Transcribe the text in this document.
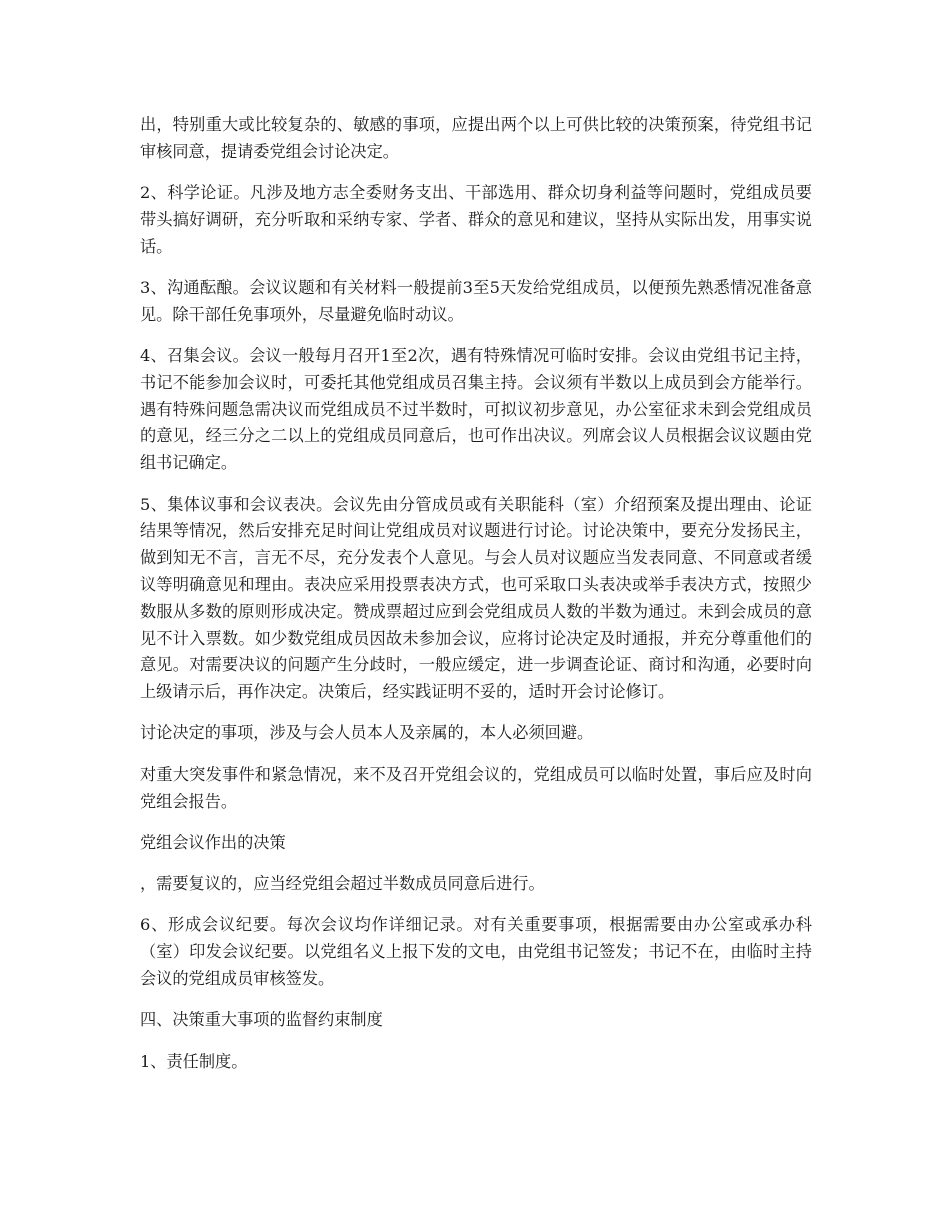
出，特别重大或比较复杂的、敏感的事项，应提出两个以上可供比较的决策预案，待党组书记审核同意，提请委党组会讨论决定。

2、科学论证。凡涉及地方志全委财务支出、干部选用、群众切身利益等问题时，党组成员要带头搞好调研，充分听取和采纳专家、学者、群众的意见和建议，坚持从实际出发，用事实说话。

3、沟通酝酿。会议议题和有关材料一般提前3至5天发给党组成员，以便预先熟悉情况准备意见。除干部任免事项外，尽量避免临时动议。

4、召集会议。会议一般每月召开1至2次，遇有特殊情况可临时安排。会议由党组书记主持，书记不能参加会议时，可委托其他党组成员召集主持。会议须有半数以上成员到会方能举行。遇有特殊问题急需决议而党组成员不过半数时，可拟议初步意见，办公室征求未到会党组成员的意见，经三分之二以上的党组成员同意后，也可作出决议。列席会议人员根据会议议题由党组书记确定。

5、集体议事和会议表决。会议先由分管成员或有关职能科（室）介绍预案及提出理由、论证结果等情况，然后安排充足时间让党组成员对议题进行讨论。讨论决策中，要充分发扬民主，做到知无不言，言无不尽，充分发表个人意见。与会人员对议题应当发表同意、不同意或者缓议等明确意见和理由。表决应采用投票表决方式，也可采取口头表决或举手表决方式，按照少数服从多数的原则形成决定。赞成票超过应到会党组成员人数的半数为通过。未到会成员的意见不计入票数。如少数党组成员因故未参加会议，应将讨论决定及时通报，并充分尊重他们的意见。对需要决议的问题产生分歧时，一般应缓定，进一步调查论证、商讨和沟通，必要时向上级请示后，再作决定。决策后，经实践证明不妥的，适时开会讨论修订。

讨论决定的事项，涉及与会人员本人及亲属的，本人必须回避。

对重大突发事件和紧急情况，来不及召开党组会议的，党组成员可以临时处置，事后应及时向党组会报告。

党组会议作出的决策

，需要复议的，应当经党组会超过半数成员同意后进行。

6、形成会议纪要。每次会议均作详细记录。对有关重要事项，根据需要由办公室或承办科（室）印发会议纪要。以党组名义上报下发的文电，由党组书记签发；书记不在，由临时主持会议的党组成员审核签发。

四、决策重大事项的监督约束制度

1、责任制度。
